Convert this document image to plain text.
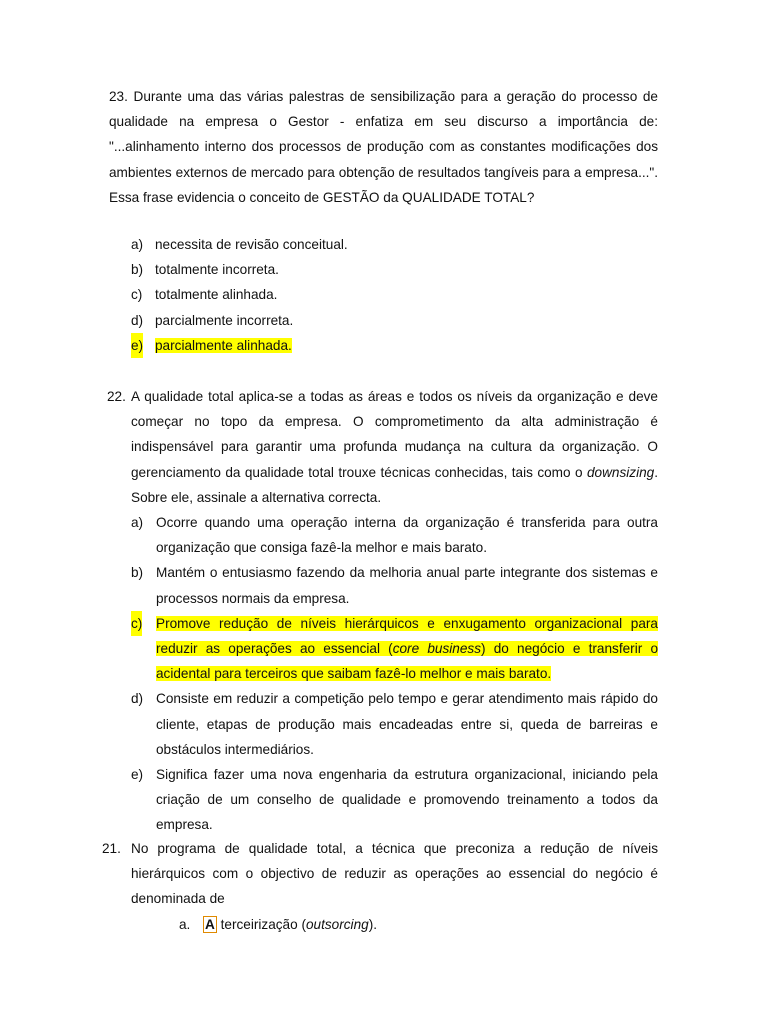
23. Durante uma das várias palestras de sensibilização para a geração do processo de qualidade na empresa o Gestor - enfatiza em seu discurso a importância de: "...alinhamento interno dos processos de produção com as constantes modificações dos ambientes externos de mercado para obtenção de resultados tangíveis para a empresa...". Essa frase evidencia o conceito de GESTÃO da QUALIDADE TOTAL?

a) necessita de revisão conceitual.
b) totalmente incorreta.
c) totalmente alinhada.
d) parcialmente incorreta.
e) parcialmente alinhada.
22. A qualidade total aplica-se a todas as áreas e todos os níveis da organização e deve começar no topo da empresa. O comprometimento da alta administração é indispensável para garantir uma profunda mudança na cultura da organização. O gerenciamento da qualidade total trouxe técnicas conhecidas, tais como o downsizing. Sobre ele, assinale a alternativa correcta.

a) Ocorre quando uma operação interna da organização é transferida para outra organização que consiga fazê-la melhor e mais barato.
b) Mantém o entusiasmo fazendo da melhoria anual parte integrante dos sistemas e processos normais da empresa.
c) Promove redução de níveis hierárquicos e enxugamento organizacional para reduzir as operações ao essencial (core business) do negócio e transferir o acidental para terceiros que saibam fazê-lo melhor e mais barato.
d) Consiste em reduzir a competição pelo tempo e gerar atendimento mais rápido do cliente, etapas de produção mais encadeadas entre si, queda de barreiras e obstáculos intermediários.
e) Significa fazer uma nova engenharia da estrutura organizacional, iniciando pela criação de um conselho de qualidade e promovendo treinamento a todos da empresa.
21. No programa de qualidade total, a técnica que preconiza a redução de níveis hierárquicos com o objectivo de reduzir as operações ao essencial do negócio é denominada de

a. A terceirização (outsorcing).
